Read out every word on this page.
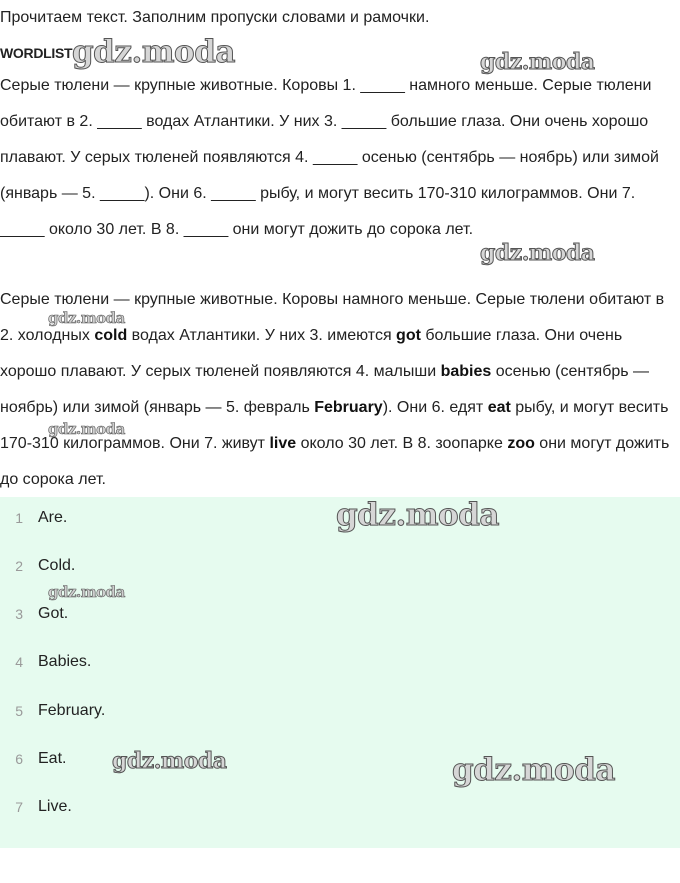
Прочитаем текст. Заполним пропуски словами и рамочки.
WORDLIST

Серые тюлени — крупные животные. Коровы 1. _____ намного меньше. Серые тюлени обитают в 2. _____ водах Атлантики. У них 3. _____ большие глаза. Они очень хорошо плавают. У серых тюленей появляются 4. _____ осенью (сентябрь — ноябрь) или зимой (январь — 5. _____). Они 6. _____ рыбу, и могут весить 170-310 килограммов. Они 7. _____ около 30 лет. В 8. _____ они могут дожить до сорока лет.

Серые тюлени — крупные животные. Коровы намного меньше. Серые тюлени обитают в 2. холодных cold водах Атлантики. У них 3. имеются got большие глаза. Они очень хорошо плавают. У серых тюленей появляются 4. малыши babies осенью (сентябрь — ноябрь) или зимой (январь — 5. февраль February). Они 6. едят eat рыбу, и могут весить 170-310 килограммов. Они 7. живут live около 30 лет. В 8. зоопарке zoo они могут дожить до сорока лет.

1 Are.
2 Cold.
3 Got.
4 Babies.
5 February.
6 Eat.
7 Live.
gdz.moda	gdz.moda
gdz.moda
gdz.moda
gdz.moda
gdz.moda
gdz.moda
gdz.moda	gdz.moda
